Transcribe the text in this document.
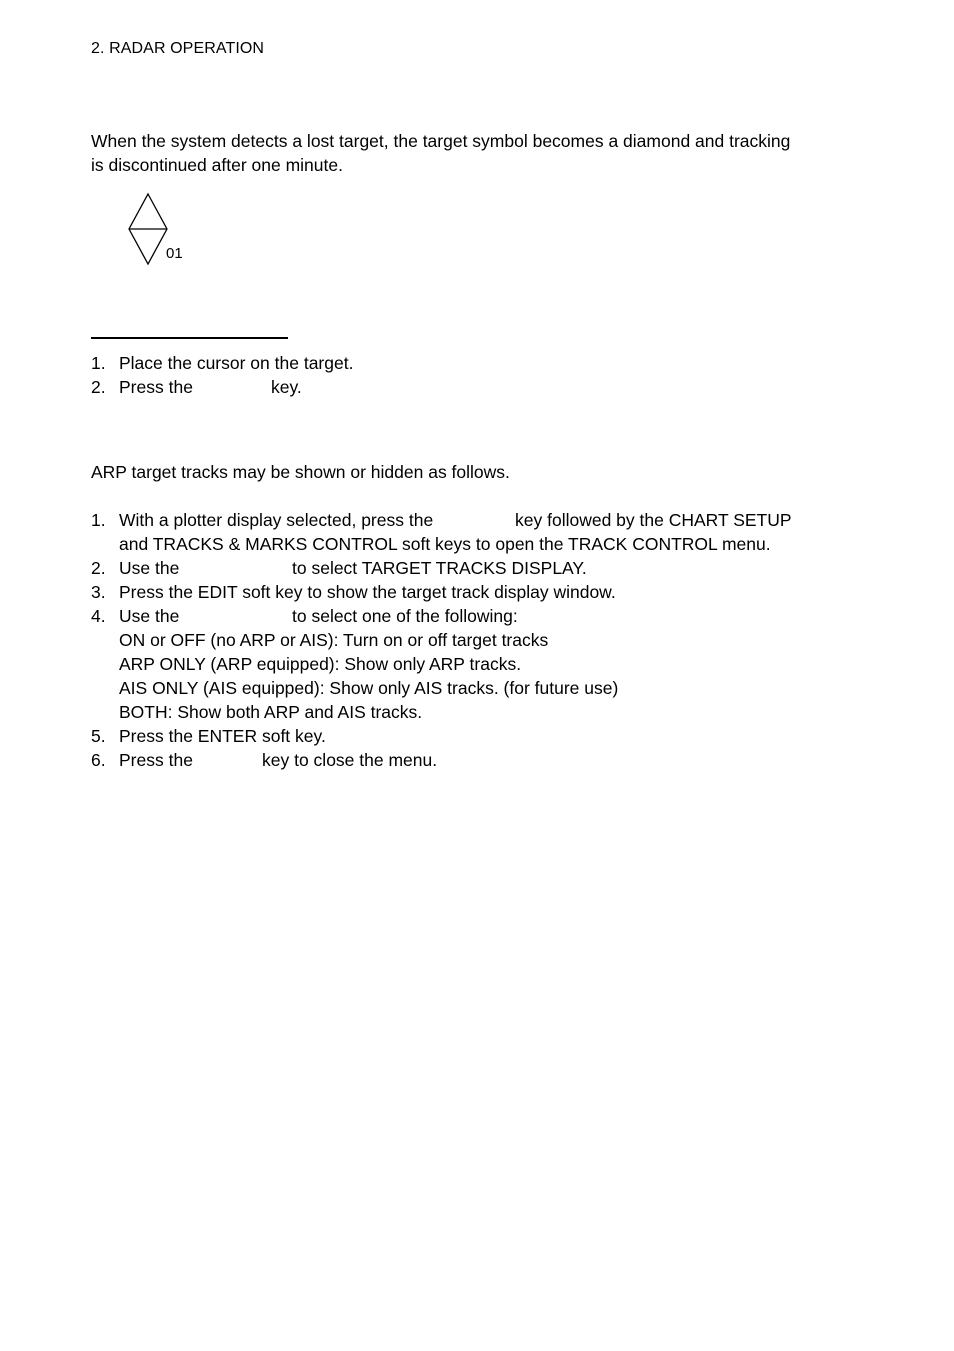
2. RADAR OPERATION
When the system detects a lost target, the target symbol becomes a diamond and tracking
is discontinued after one minute.
01
1. Place the cursor on the target.
2. Press the	key.
ARP target tracks may be shown or hidden as follows.
1. With a plotter display selected, press the	key followed by the CHART SETUP
and TRACKS & MARKS CONTROL soft keys to open the TRACK CONTROL menu.
2. Use the	to select TARGET TRACKS DISPLAY.
3. Press the EDIT soft key to show the target track display window.
4. Use the	to select one of the following:
ON or OFF (no ARP or AIS): Turn on or off target tracks
ARP ONLY (ARP equipped): Show only ARP tracks.
AIS ONLY (AIS equipped): Show only AIS tracks. (for future use)
BOTH: Show both ARP and AIS tracks.
5. Press the ENTER soft key.
6. Press the	key to close the menu.
